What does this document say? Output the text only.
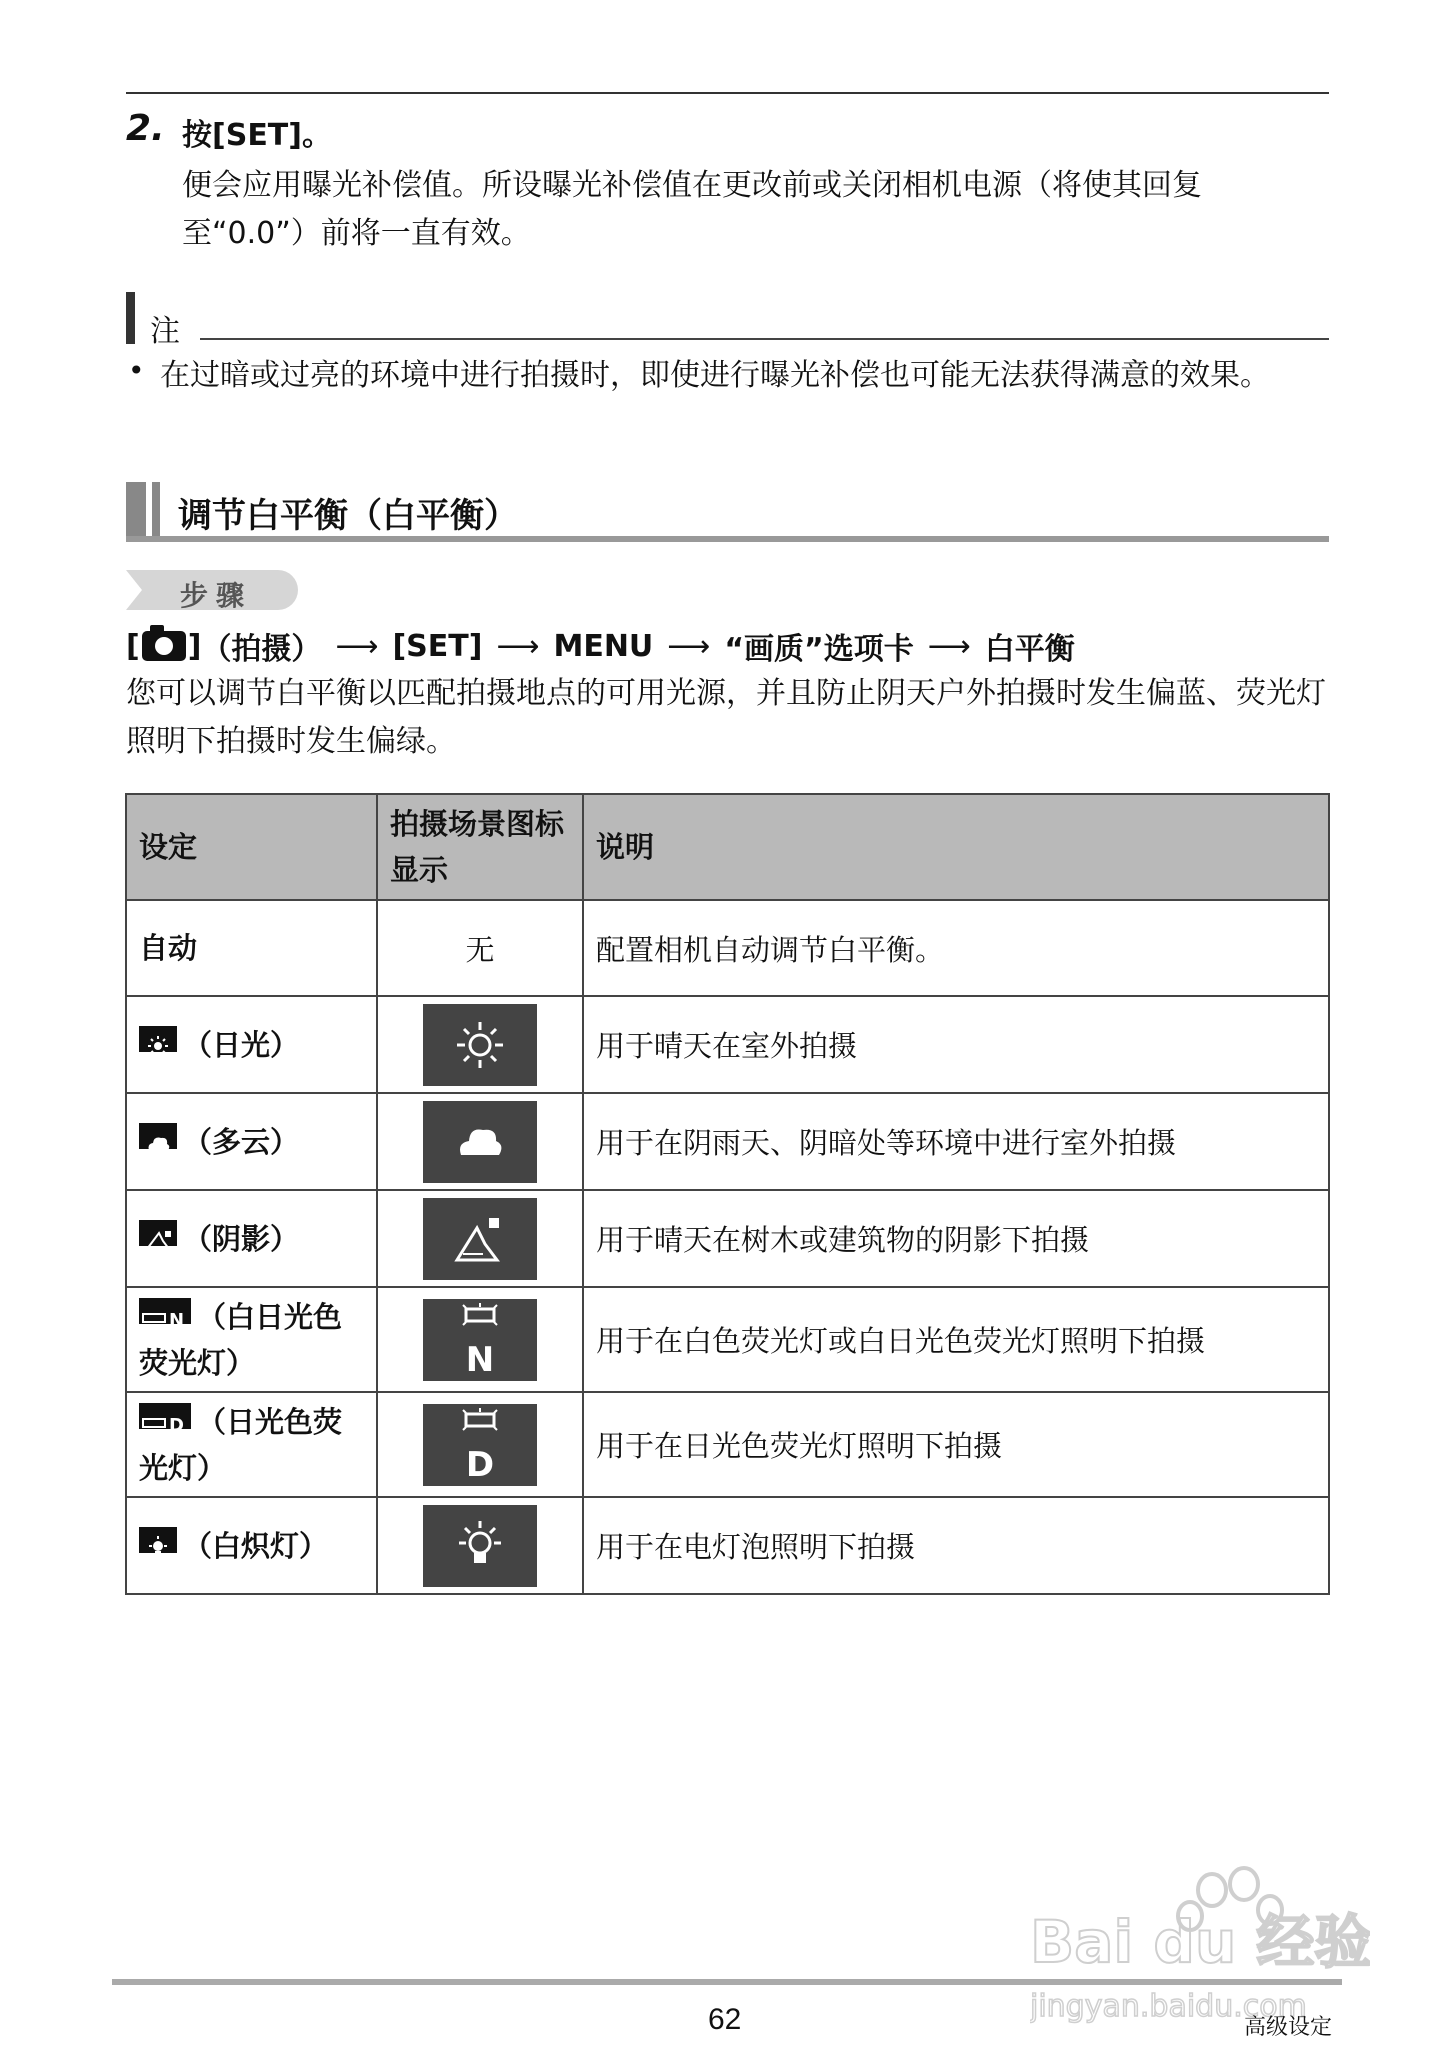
2. 按[SET]。
便会应用曝光补偿值。所设曝光补偿值在更改前或关闭相机电源（将使其回复至“0.0”）前将一直有效。
注
• 在过暗或过亮的环境中进行拍摄时，即使进行曝光补偿也可能无法获得满意的效果。
调节白平衡（白平衡）
步骤
[ ] （拍摄） ⟶ [SET] ⟶ MENU ⟶ “画质”选项卡 ⟶ 白平衡
您可以调节白平衡以匹配拍摄地点的可用光源，并且防止阴天户外拍摄时发生偏蓝、荧光灯照明下拍摄时发生偏绿。
设定	拍摄场景图标显示	说明
自动	无	配置相机自动调节白平衡。
（日光）		用于晴天在室外拍摄
（多云）		用于在阴雨天、阴暗处等环境中进行室外拍摄
（阴影）		用于晴天在树木或建筑物的阴影下拍摄

N （白日光色荧光灯）	N	用于在白色荧光灯或白日光色荧光灯照明下拍摄

D （日光色荧光灯）	D	用于在日光色荧光灯照明下拍摄
（白炽灯）		用于在电灯泡照明下拍摄
Bai du 经验
jingyan.baidu.com
62	高级设定
